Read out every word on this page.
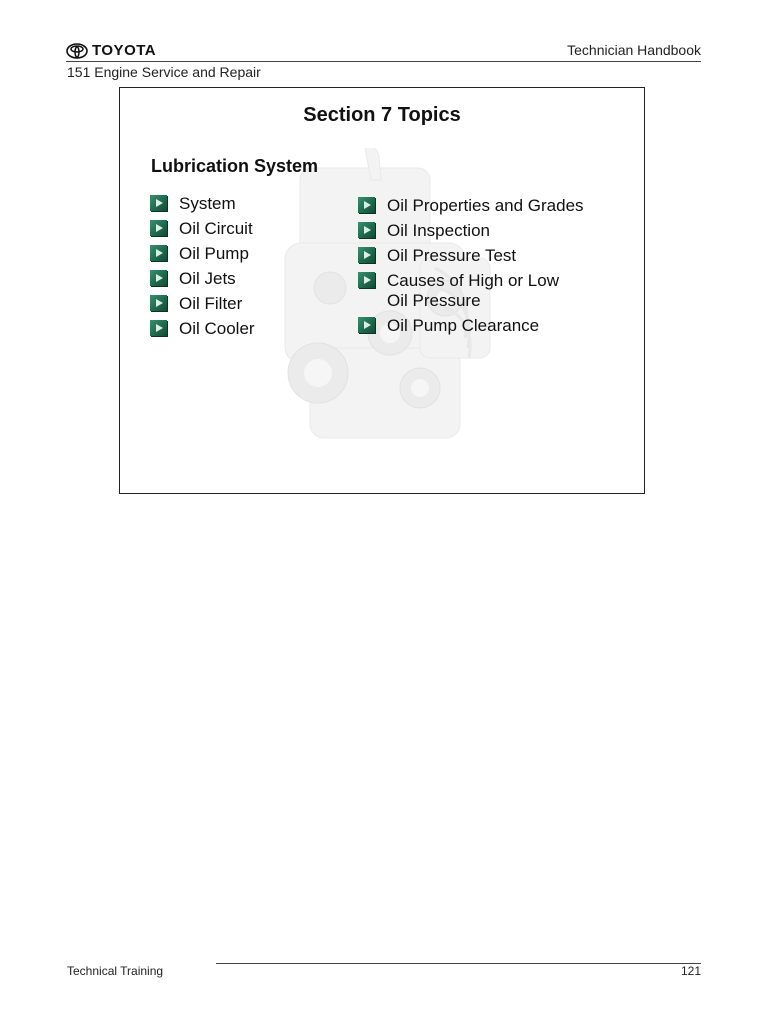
TOYOTA	Technician Handbook
151 Engine Service and Repair
Section 7 Topics
Lubrication System
System
Oil Circuit
Oil Pump
Oil Jets
Oil Filter
Oil Cooler
Oil Properties and Grades
Oil Inspection
Oil Pressure Test
Causes of High or Low Oil Pressure
Oil Pump Clearance
Technical Training	121
